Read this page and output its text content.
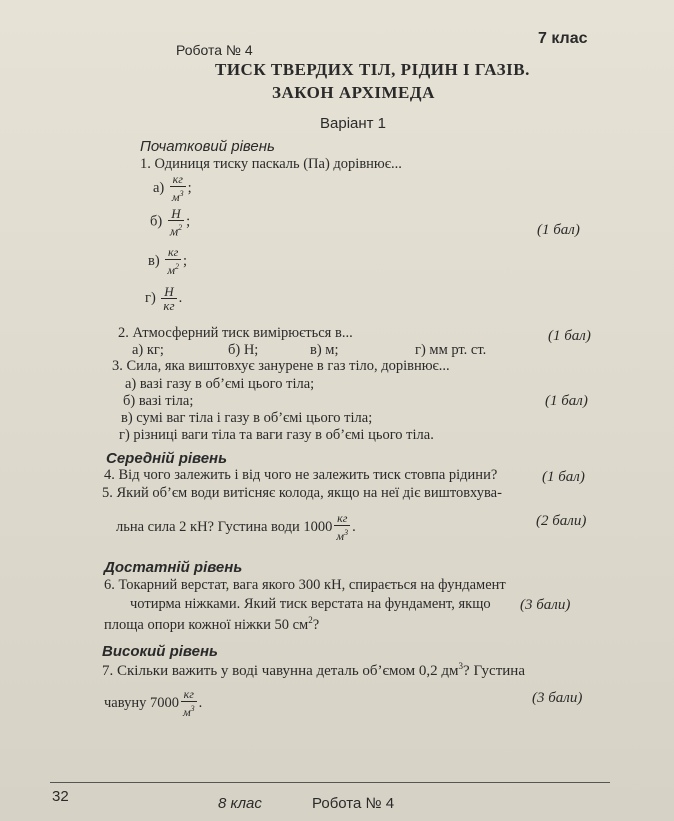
7 клас
Робота № 4
ТИСК ТВЕРДИХ ТІЛ, РІДИН І ГАЗІВ.
ЗАКОН АРХІМЕДА
Варіант 1
Початковий рівень
1. Одиниця тиску паскаль (Па) дорівнює...
$а) \frac{кг}{м^3}$ ;
$б) \frac{Н}{м^2}$ ;
(1 бал)
$в) \frac{кг}{м^2}$ ;
$г) \frac{Н}{кг}$ .
2. Атмосферний тиск вимірюється в...	(1 бал)
а) кг;	б) Н;	в) м;	г) мм рт. ст.
3. Сила, яка виштовхує занурене в газ тіло, дорівнює...
а) вазі газу в об’ємі цього тіла;
б) вазі тіла;	(1 бал)
в) сумі ваг тіла і газу в об’ємі цього тіла;
г) різниці ваги тіла та ваги газу в об’ємі цього тіла.
Середній рівень
4. Від чого залежить і від чого не залежить тиск стовпа рідини?	(1 бал)
5. Який об’єм води витісняє колода, якщо на неї діє виштовхува-
льна сила 2 кН? Густина води $1000 \frac{кг}{м^3}$ .	(2 бали)
Достатній рівень
6. Токарний верстат, вага якого 300 кН, спирається на фундамент
чотирма ніжками. Який тиск верстата на фундамент, якщо (3 бали)
площа опори кожної ніжки 50 $см^2$?
Високий рівень
7. Скільки важить у воді чавунна деталь об’ємом 0,2 $дм^3$? Густина
чавуну $7000 \frac{кг}{м^3}$ .	(3 бали)
32	8 клас	Робота № 4
